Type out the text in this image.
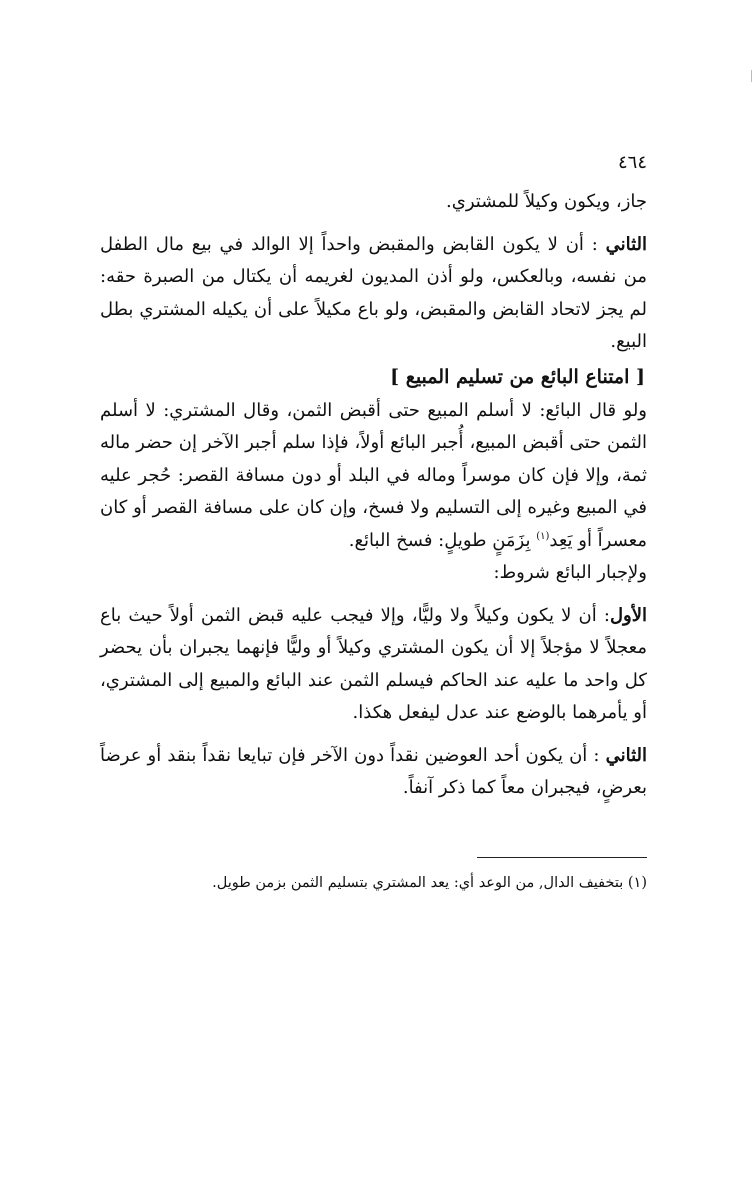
٤٦٤

جاز، ويكون وكيلاً للمشتري.

الثاني : أن لا يكون القابض والمقبض واحداً إلا الوالد في بيع مال الطفل من نفسه، وبالعكس، ولو أذن المديون لغريمه أن يكتال من الصبرة حقه: لم يجز لاتحاد القابض والمقبض، ولو باع مكيلاً على أن يكيله المشتري بطل البيع.

[ امتناع البائع من تسليم المبيع ]

ولو قال البائع: لا أسلم المبيع حتى أقبض الثمن، وقال المشتري: لا أسلم الثمن حتى أقبض المبيع، أُجبر البائع أولاً، فإذا سلم أجبر الآخر إن حضر ماله ثمة، وإلا فإن كان موسراً وماله في البلد أو دون مسافة القصر: حُجر عليه في المبيع وغيره إلى التسليم ولا فسخ، وإن كان على مسافة القصر أو كان معسراً أو يَعِد$^{(١)}$ بِزَمَنٍ طويلٍ: فسخ البائع.

ولإجبار البائع شروط:

الأول: أن لا يكون وكيلاً ولا وليًّا، وإلا فيجب عليه قبض الثمن أولاً حيث باع معجلاً لا مؤجلاً إلا أن يكون المشتري وكيلاً أو وليًّا فإنهما يجبران بأن يحضر كل واحد ما عليه عند الحاكم فيسلم الثمن عند البائع والمبيع إلى المشتري، أو يأمرهما بالوضع عند عدل ليفعل هكذا.

الثاني : أن يكون أحد العوضين نقداً دون الآخر فإن تبايعا نقداً بنقد أو عرضاً بعرضٍ، فيجبران معاً كما ذكر آنفاً.

(١) بتخفيف الدال, من الوعد أي: يعد المشتري بتسليم الثمن بزمن طويل.
